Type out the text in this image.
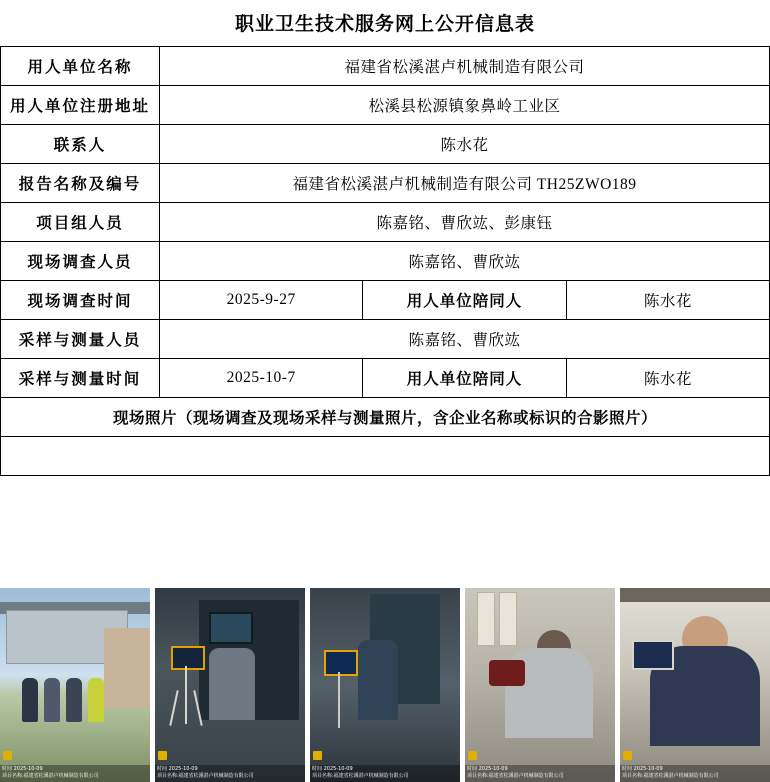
职业卫生技术服务网上公开信息表
用人单位名称	福建省松溪湛卢机械制造有限公司		
用人单位注册地址	松溪县松源镇象鼻岭工业区		
联系人	陈水花		
报告名称及编号	福建省松溪湛卢机械制造有限公司 TH25ZWO189		
项目组人员	陈嘉铭、曹欣竑、彭康钰		
现场调查人员	陈嘉铭、曹欣竑		
现场调查时间	2025-9-27	用人单位陪同人	陈水花
采样与测量人员	陈嘉铭、曹欣竑		
采样与测量时间	2025-10-7	用人单位陪同人	陈水花
现场照片（现场调查及现场采样与测量照片，含企业名称或标识的合影照片）			

时间 2025-10-09
项目名称:福建省松溪湛卢机械制造有限公司
时间 2025-10-09
项目名称:福建省松溪湛卢机械制造有限公司
时间 2025-10-09
项目名称:福建省松溪湛卢机械制造有限公司
时间 2025-10-09
项目名称:福建省松溪湛卢机械制造有限公司
时间 2025-10-09
项目名称:福建省松溪湛卢机械制造有限公司
